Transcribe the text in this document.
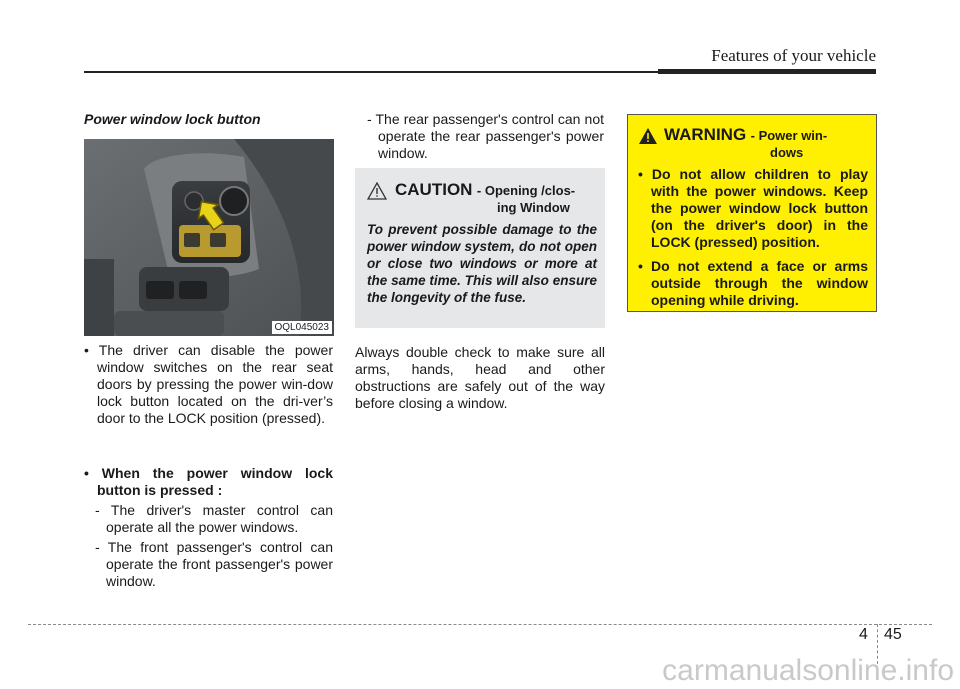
Features of your vehicle
Power window lock button
OQL045023
• The driver can disable the power window switches on the rear seat doors by pressing the power win-dow lock button located on the dri-ver’s door to the LOCK position (pressed).
• When the power window lock button is pressed :
- The driver's master control can operate all the power windows.
- The front passenger's control can operate the front passenger's power window.
- The rear passenger's control can not operate the rear passenger's power window.
CAUTION - Opening /clos-
ing Window
To prevent possible damage to the power window system, do not open or close two windows or more at the same time. This will also ensure the longevity of the fuse.
Always double check to make sure all arms, hands, head and other obstructions are safely out of the way before closing a window.
WARNING - Power win-
dows
• Do not allow children to play with the power windows. Keep the power window lock button (on the driver's door) in the LOCK (pressed) position.
• Do not extend a face or arms outside through the window opening while driving.
4 45
carmanualsonline.info
